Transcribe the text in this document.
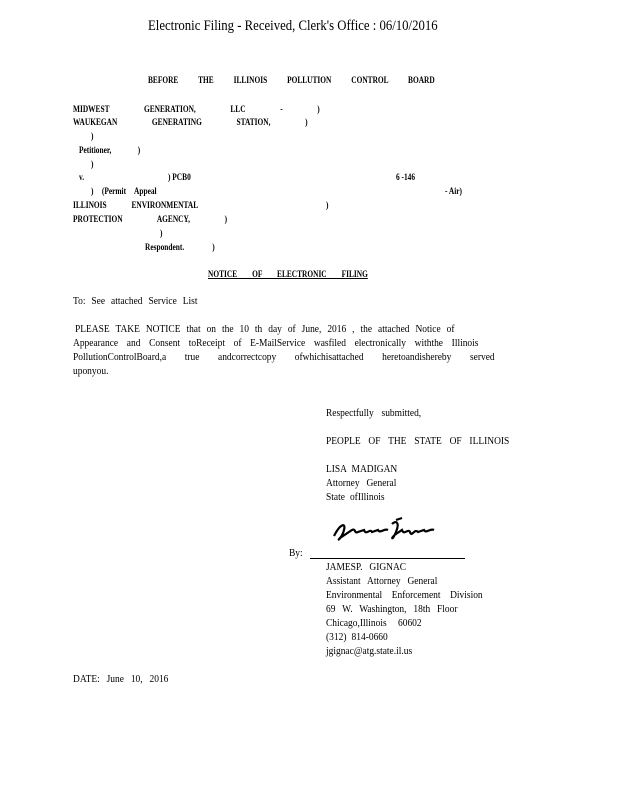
Electronic Filing - Received, Clerk's Office : 06/10/2016
BEFORE THE ILLINOIS POLLUTION CONTROL BOARD
MIDWEST GENERATION, LLC - )
WAUKEGAN GENERATING STATION, )
)
Petitioner, )
)
v.	) PCB0	6 -146
) (Permit Appeal	- Air)
ILLINOIS ENVIRONMENTAL	)
PROTECTION AGENCY, )
)
Respondent. )
NOTICE OF ELECTRONIC FILING
To: See attached Service List
PLEASE TAKE NOTICE that on the 10 th day of June, 2016 , the attached Notice of
Appearance and Consent toReceipt of E-MailService wasfiled electronically withthe Illinois
PollutionControlBoard,a true andcorrectcopy ofwhichisattached heretoandishereby served
uponyou.
Respectfully submitted,
PEOPLE OF THE STATE OF ILLINOIS
LISA MADIGAN
Attorney General
State ofIllinois
By:
JAMESP. GIGNAC
Assistant Attorney General
Environmental Enforcement Division
69 W. Washington, 18th Floor
Chicago,Illinois 60602
(312) 814-0660
jgignac@atg.state.il.us
DATE: June 10, 2016
